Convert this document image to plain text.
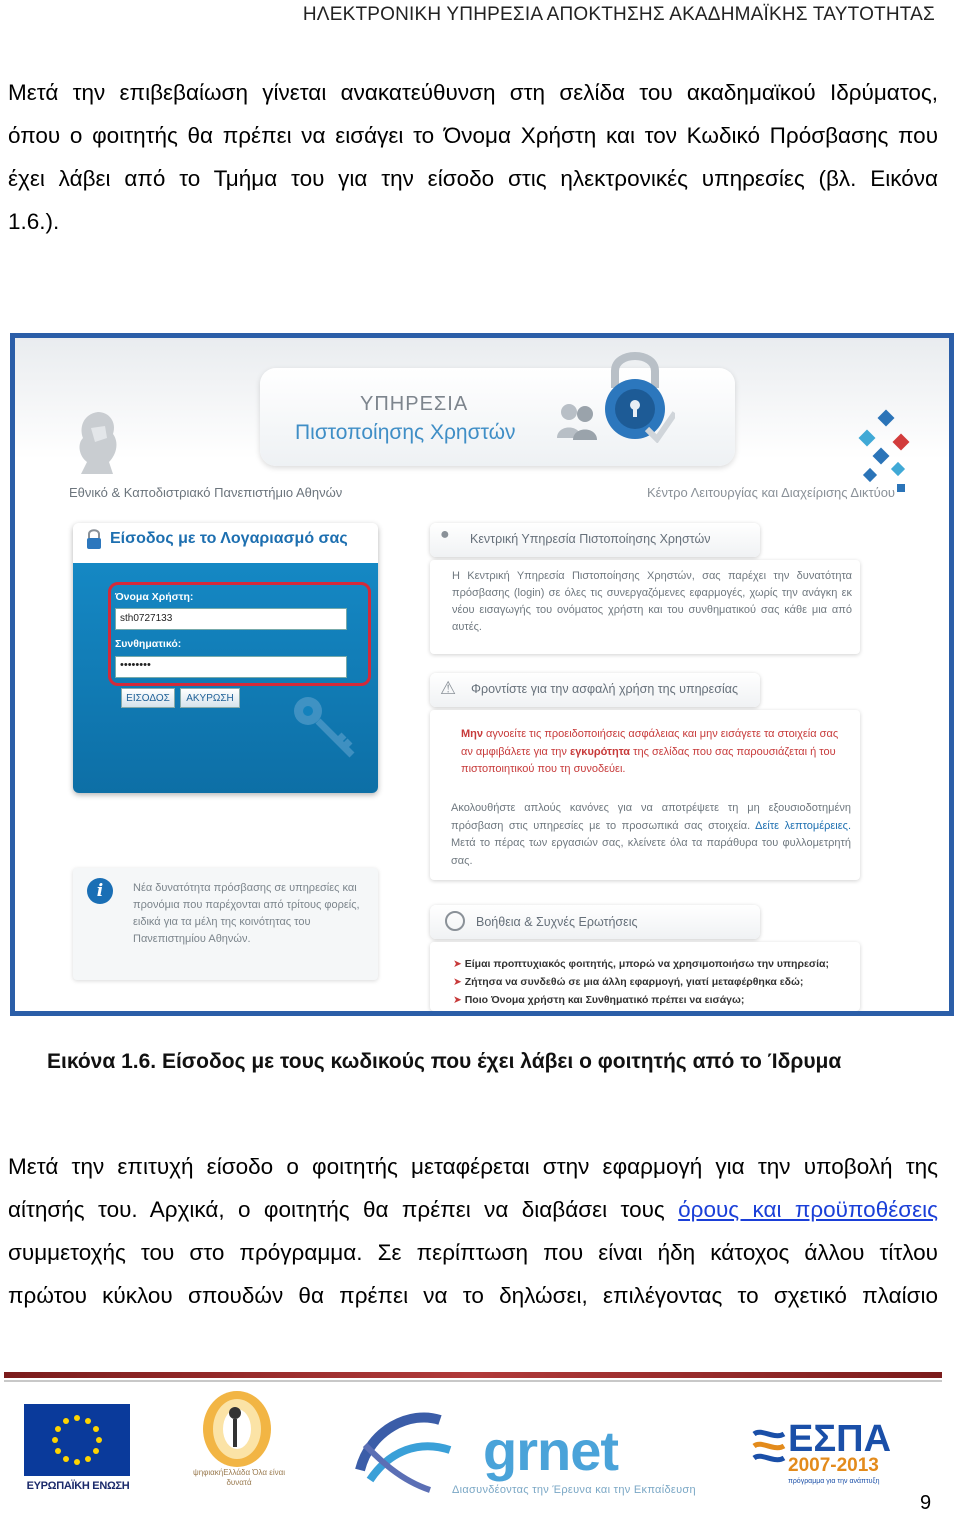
ΗΛΕΚΤΡΟΝΙΚΗ ΥΠΗΡΕΣΙΑ ΑΠΟΚΤΗΣΗΣ ΑΚΑΔΗΜΑΪΚΗΣ ΤΑΥΤΟΤΗΤΑΣ
Μετά την επιβεβαίωση γίνεται ανακατεύθυνση στη σελίδα του ακαδημαϊκού Ιδρύματος,
όπου ο φοιτητής θα πρέπει να εισάγει το Όνομα Χρήστη και τον Κωδικό Πρόσβασης που
έχει λάβει από το Τμήμα του για την είσοδο στις ηλεκτρονικές υπηρεσίες (βλ. Εικόνα
1.6.).
ΥΠΗΡΕΣΙΑ
Πιστοποίησης Χρηστών
Εθνικό & Καποδιστριακό Πανεπιστήμιο Αθηνών	Κέντρο Λειτουργίας και Διαχείρισης Δικτύου
Είσοδος με το Λογαριασμό σας
Όνομα Χρήστη:
sth0727133
Συνθηματικό:
••••••••
ΕΙΣΟΔΟΣ	ΑΚΥΡΩΣΗ
i	Νέα δυνατότητα πρόσβασης σε υπηρεσίες και προνόμια που παρέχονται από τρίτους φορείς, ειδικά για τα μέλη της κοινότητας του Πανεπιστημίου Αθηνών.
● Κεντρική Υπηρεσία Πιστοποίησης Χρηστών
Η Κεντρική Υπηρεσία Πιστοποίησης Χρηστών, σας παρέχει την δυνατότητα πρόσβασης (login) σε όλες τις συνεργαζόμενες εφαρμογές, χωρίς την ανάγκη εκ νέου εισαγωγής του ονόματος χρήστη και του συνθηματικού σας κάθε μια από αυτές.
⚠ Φροντίστε για την ασφαλή χρήση της υπηρεσίας
Μην αγνοείτε τις προειδοποιήσεις ασφάλειας και μην εισάγετε τα στοιχεία σας αν αμφιβάλετε για την εγκυρότητα της σελίδας που σας παρουσιάζεται ή του πιστοποιητικού που τη συνοδεύει.
Ακολουθήστε απλούς κανόνες για να αποτρέψετε τη μη εξουσιοδοτημένη πρόσβαση στις υπηρεσίες με το προσωπικά σας στοιχεία. Δείτε λεπτομέρειες. Μετά το πέρας των εργασιών σας, κλείνετε όλα τα παράθυρα του φυλλομετρητή σας.
Βοήθεια & Συχνές Ερωτήσεις
➤ Είμαι προπτυχιακός φοιτητής, μπορώ να χρησιμοποιήσω την υπηρεσία;
➤ Ζήτησα να συνδεθώ σε μια άλλη εφαρμογή, γιατί μεταφέρθηκα εδώ;
➤ Ποιο Όνομα χρήστη και Συνθηματικό πρέπει να εισάγω;
Εικόνα 1.6. Είσοδος με τους κωδικούς που έχει λάβει ο φοιτητής από το Ίδρυμα
Μετά την επιτυχή είσοδο ο φοιτητής μεταφέρεται στην εφαρμογή για την υποβολή της
αίτησής του. Αρχικά, ο φοιτητής θα πρέπει να διαβάσει τους όρους και προϋποθέσεις
συμμετοχής του στο πρόγραμμα. Σε περίπτωση που είναι ήδη κάτοχος άλλου τίτλου
πρώτου κύκλου σπουδών θα πρέπει να το δηλώσει, επιλέγοντας το σχετικό πλαίσιο
ΕΥΡΩΠΑΪΚΗ ΕΝΩΣΗ
ψηφιακήΕλλάδα Όλα είναι δυνατά
grnet
Διασυνδέοντας την Έρευνα και την Εκπαίδευση
ΕΣΠΑ
2007-2013
πρόγραμμα για την ανάπτυξη
9
